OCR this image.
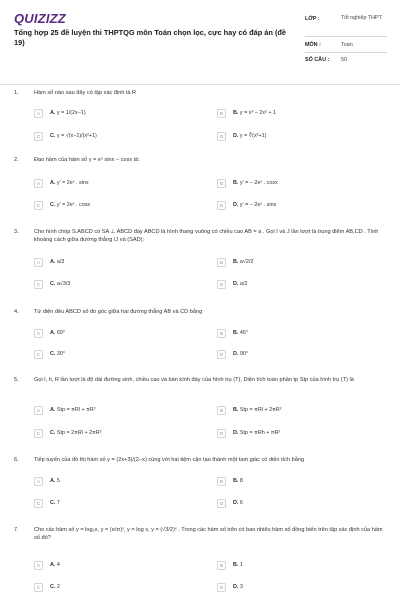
QUIZIZZ
Tổng hợp 25 đề luyện thi THPTQG môn Toán chọn lọc, cực hay có đáp án (đề 19)
LỚP :	Tốt nghiệp THPT
MÔN :	Toán
SỐ CÂU : 50
1.	Hàm số nào sau đây có tập xác định là R
A	A. y = 1/(2x−1)	B	B. y = x³ − 2x² + 1
C	C. y = √(x−1)/(x²+1)	D	D. y = ∜(x²+1)
2.	Đạo hàm của hàm số y = eˣ sinx − cosx là:
A	A. y' = 2eˣ . sinx	B	B. y' = − 2eˣ . cosx
C	C. y' = 2eˣ . cosx	D	D. y' = − 2eˣ . sinx
3.	Cho hình chóp S.ABCD có SA ⊥ ABCD đáy ABCD là hình thang vuông có chiều cao AB = a . Gọi I và J lần lượt là trung điểm AB,CD . Tính khoảng cách giữa đường thẳng IJ và (SAD):
A	A. a/3	B	B. a√2/2
C	C. a√3/3	D	D. a/2
4.	Tứ diện đều ABCD số đo góc giữa hai đường thẳng AB và CD bằng
A	A. 60°	B	B. 45°
C	C. 30°	D	D. 90°
5.	Gọi l, h, R lần lượt là độ dài đường sinh, chiều cao và bán kính đáy của hình trụ (T). Diện tích toàn phần tp Stp của hình trụ (T) là
A	A. Stp = πRl + πR²	B	B. Stp = πRl + 2πR²
C	C. Stp = 2πRl + 2πR²	D	D. Stp = πRh + πR²
6.	Tiếp tuyến của đồ thị hàm số y = (2x+3)/(2−x) cùng với hai tiệm cận tạo thành một tam giác có diện tích bằng
A	A. 5	B	B. 8
C	C. 7	D	D. 6
7.	Cho các hàm số y = log₂x, y = (e/π)ˣ, y = log x, y = (√3/2)ˣ . Trong các hàm số trên có bao nhiêu hàm số đồng biến trên tập xác định của hàm số đó?
A	A. 4	B	B. 1
C	C. 2	D	D. 3
